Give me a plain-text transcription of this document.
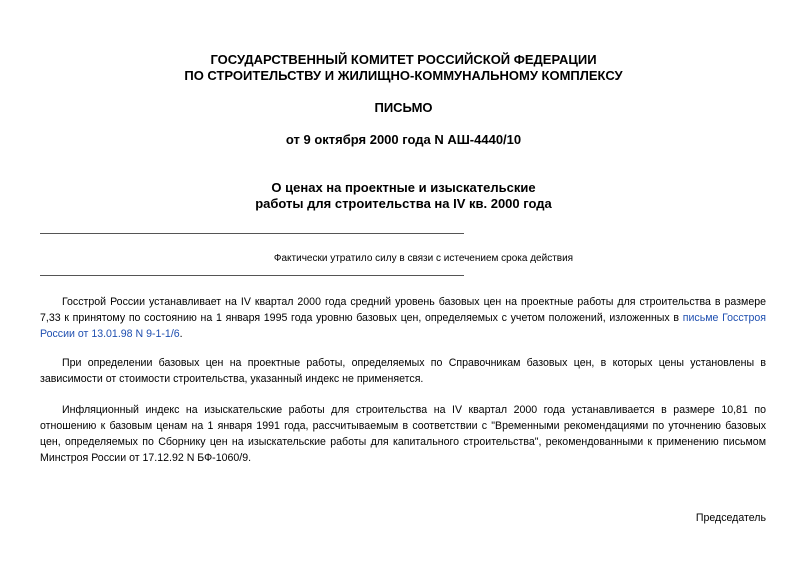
ГОСУДАРСТВЕННЫЙ КОМИТЕТ РОССИЙСКОЙ ФЕДЕРАЦИИ
ПО СТРОИТЕЛЬСТВУ И ЖИЛИЩНО-КОММУНАЛЬНОМУ КОМПЛЕКСУ
ПИСЬМО
от 9 октября 2000 года N АШ-4440/10
О ценах на проектные и изыскательские
работы для строительства на IV кв. 2000 года
Фактически утратило силу в связи с истечением срока действия
Госстрой России устанавливает на IV квартал 2000 года средний уровень базовых цен на проектные работы для строительства в размере 7,33 к принятому по состоянию на 1 января 1995 года уровню базовых цен, определяемых с учетом положений, изложенных в письме Госстроя России от 13.01.98 N 9-1-1/6.
При определении базовых цен на проектные работы, определяемых по Справочникам базовых цен, в которых цены установлены в зависимости от стоимости строительства, указанный индекс не применяется.
Инфляционный индекс на изыскательские работы для строительства на IV квартал 2000 года устанавливается в размере 10,81 по отношению к базовым ценам на 1 января 1991 года, рассчитываемым в соответствии с "Временными рекомендациями по уточнению базовых цен, определяемых по Сборнику цен на изыскательские работы для капитального строительства", рекомендованными к применению письмом Минстроя России от 17.12.92 N БФ-1060/9.
Председатель
